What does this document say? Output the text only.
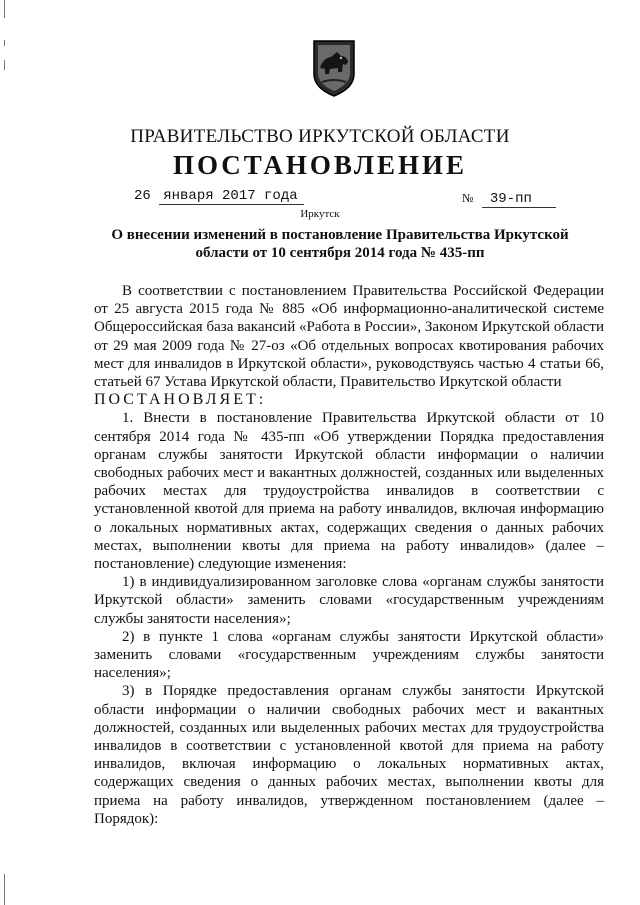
ПРАВИТЕЛЬСТВО ИРКУТСКОЙ ОБЛАСТИ
ПОСТАНОВЛЕНИЕ
26 января 2017 года	№ 39-пп
Иркутск
О внесении изменений в постановление Правительства Иркутской области от 10 сентября 2014 года № 435-пп

В соответствии с постановлением Правительства Российской Федерации от 25 августа 2015 года № 885 «Об информационно-аналитической системе Общероссийская база вакансий «Работа в России», Законом Иркутской области от 29 мая 2009 года № 27-оз «Об отдельных вопросах квотирования рабочих мест для инвалидов в Иркутской области», руководствуясь частью 4 статьи 66, статьей 67 Устава Иркутской области, Правительство Иркутской области

ПОСТАНОВЛЯЕТ:

1. Внести в постановление Правительства Иркутской области от 10 сентября 2014 года № 435-пп «Об утверждении Порядка предоставления органам службы занятости Иркутской области информации о наличии свободных рабочих мест и вакантных должностей, созданных или выделенных рабочих местах для трудоустройства инвалидов в соответствии с установленной квотой для приема на работу инвалидов, включая информацию о локальных нормативных актах, содержащих сведения о данных рабочих местах, выполнении квоты для приема на работу инвалидов» (далее – постановление) следующие изменения:

1) в индивидуализированном заголовке слова «органам службы занятости Иркутской области» заменить словами «государственным учреждениям службы занятости населения»;

2) в пункте 1 слова «органам службы занятости Иркутской области» заменить словами «государственным учреждениям службы занятости населения»;

3) в Порядке предоставления органам службы занятости Иркутской области информации о наличии свободных рабочих мест и вакантных должностей, созданных или выделенных рабочих местах для трудоустройства инвалидов в соответствии с установленной квотой для приема на работу инвалидов, включая информацию о локальных нормативных актах, содержащих сведения о данных рабочих местах, выполнении квоты для приема на работу инвалидов, утвержденном постановлением (далее – Порядок):
